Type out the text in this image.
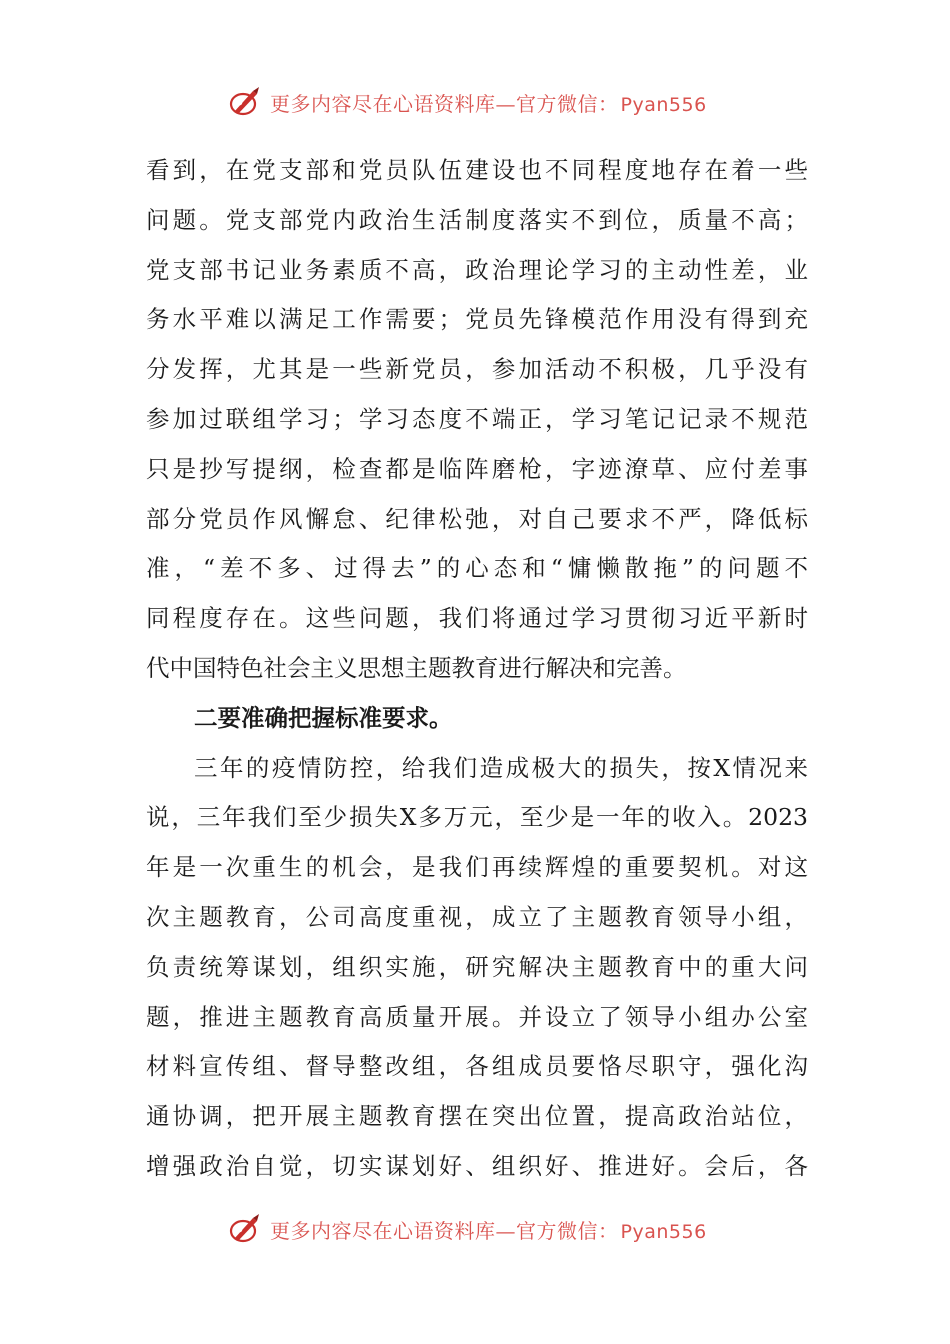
更多内容尽在心语资料库—官方微信： Pyan556
看到，在党支部和党员队伍建设也不同程度地存在着一些
问题。党支部党内政治生活制度落实不到位，质量不高；
党支部书记业务素质不高，政治理论学习的主动性差，业
务水平难以满足工作需要；党员先锋模范作用没有得到充
分发挥，尤其是一些新党员，参加活动不积极，几乎没有
参加过联组学习；学习态度不端正，学习笔记记录不规范
只是抄写提纲，检查都是临阵磨枪，字迹潦草、应付差事
部分党员作风懈怠、纪律松弛，对自己要求不严，降低标
准，“差不多、过得去”的心态和“慵懒散拖”的问题不
同程度存在。这些问题，我们将通过学习贯彻习近平新时
代中国特色社会主义思想主题教育进行解决和完善。
二要准确把握标准要求。
三年的疫情防控，给我们造成极大的损失，按X情况来
说，三年我们至少损失X多万元，至少是一年的收入。2023
年是一次重生的机会，是我们再续辉煌的重要契机。对这
次主题教育，公司高度重视，成立了主题教育领导小组，
负责统筹谋划，组织实施，研究解决主题教育中的重大问
题，推进主题教育高质量开展。并设立了领导小组办公室
材料宣传组、督导整改组，各组成员要恪尽职守，强化沟
通协调，把开展主题教育摆在突出位置，提高政治站位，
增强政治自觉，切实谋划好、组织好、推进好。会后，各
更多内容尽在心语资料库—官方微信： Pyan556
